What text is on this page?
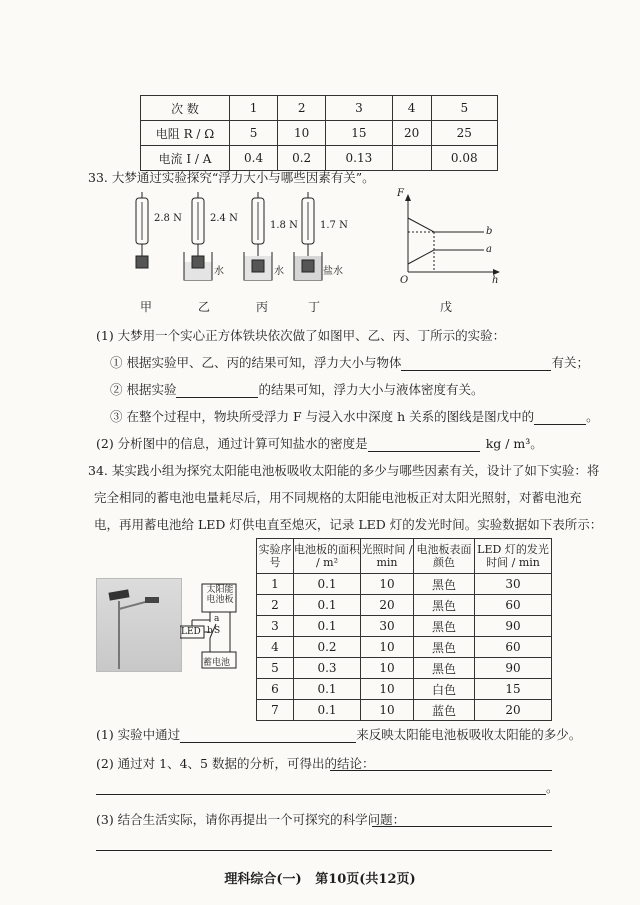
次 数	1	2	3	4	5
电阻 R / Ω	5	10	15	20	25
电流 I / A	0.4	0.2	0.13		0.08
33. 大梦通过实验探究“浮力大小与哪些因素有关”。
2.8 N	2.4 N
1.8 N 1.7 N
水	水	盐水
甲	乙	丙	丁	戊
F
h
O
b
a
(1) 大梦用一个实心正方体铁块依次做了如图甲、乙、丙、丁所示的实验：
① 根据实验甲、乙、丙的结果可知，浮力大小与物体	有关；
② 根据实验	的结果可知，浮力大小与液体密度有关。
③ 在整个过程中，物块所受浮力 F 与浸入水中深度 h 关系的图线是图戊中的	。
(2) 分析图中的信息，通过计算可知盐水的密度是	kg / m³。
34. 某实践小组为探究太阳能电池板吸收太阳能的多少与哪些因素有关，设计了如下实验：将
完全相同的蓄电池电量耗尽后，用不同规格的太阳能电池板正对太阳光照射，对蓄电池充
电，再用蓄电池给 LED 灯供电直至熄灭，记录 LED 灯的发光时间。实验数据如下表所示：
太阳能电池板
LED S
a
b
蓄电池
实验序号	电池板的面积 / m²	光照时间 / min	电池板表面颜色	LED 灯的发光时间 / min
1	0.1	10	黑色	30
2	0.1	20	黑色	60
3	0.1	30	黑色	90
4	0.2	10	黑色	60
5	0.3	10	黑色	90
6	0.1	10	白色	15
7	0.1	10	蓝色	20
(1) 实验中通过	来反映太阳能电池板吸收太阳能的多少。
(2) 通过对 1、4、5 数据的分析，可得出的结论：
。
(3) 结合生活实际，请你再提出一个可探究的科学问题：
理科综合(一)   第10页(共12页)
